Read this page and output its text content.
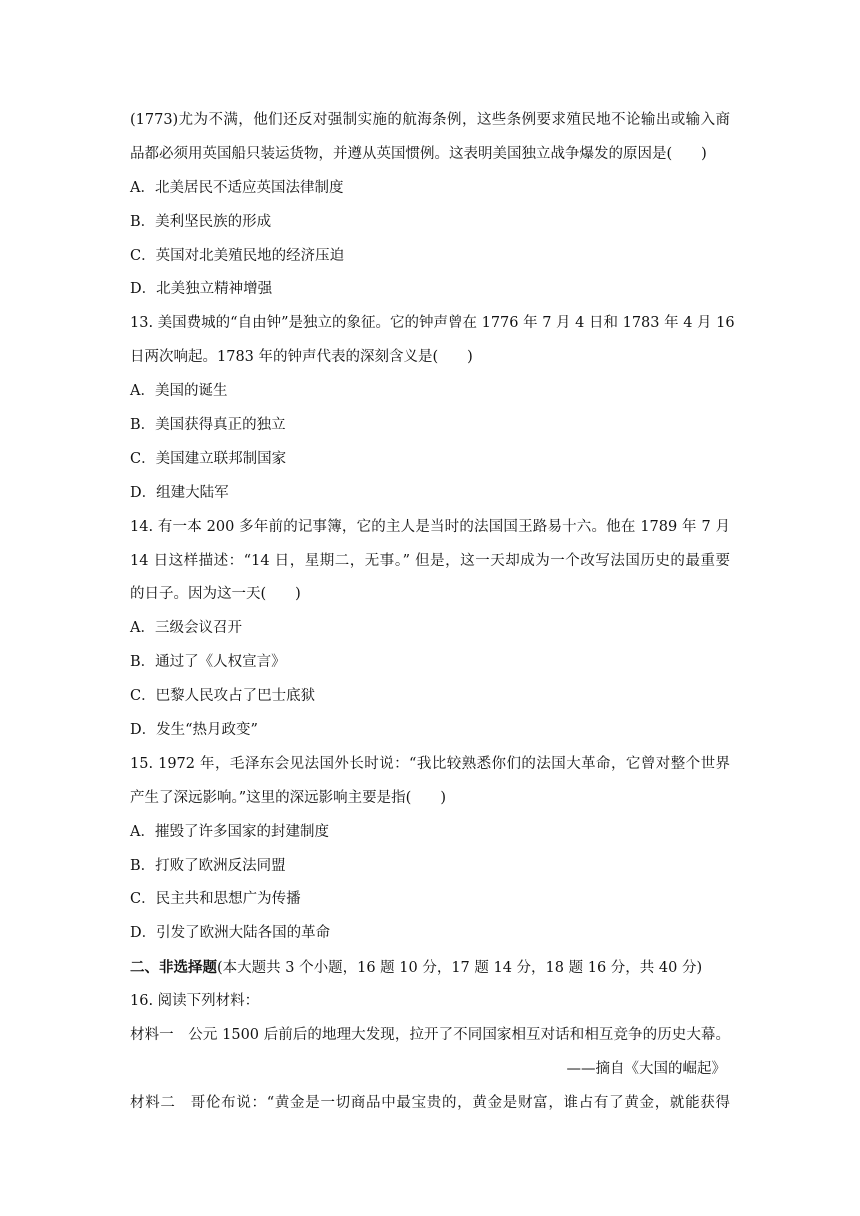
(1773)尤为不满，他们还反对强制实施的航海条例，这些条例要求殖民地不论输出或输入商
品都必须用英国船只装运货物，并遵从英国惯例。这表明美国独立战争爆发的原因是(　　)
A．北美居民不适应英国法律制度
B．美利坚民族的形成
C．英国对北美殖民地的经济压迫
D．北美独立精神增强
13. 美国费城的“自由钟”是独立的象征。它的钟声曾在 1776 年 7 月 4 日和 1783 年 4 月 16
日两次响起。1783 年的钟声代表的深刻含义是(　　)
A．美国的诞生
B．美国获得真正的独立
C．美国建立联邦制国家
D．组建大陆军
14. 有一本 200 多年前的记事簿，它的主人是当时的法国国王路易十六。他在 1789 年 7 月
14 日这样描述：“14 日，星期二，无事。” 但是，这一天却成为一个改写法国历史的最重要
的日子。因为这一天(　　)
A．三级会议召开
B．通过了《人权宣言》
C．巴黎人民攻占了巴士底狱
D．发生“热月政变”
15. 1972 年，毛泽东会见法国外长时说：“我比较熟悉你们的法国大革命，它曾对整个世界
产生了深远影响。”这里的深远影响主要是指(　　)
A．摧毁了许多国家的封建制度
B．打败了欧洲反法同盟
C．民主共和思想广为传播
D．引发了欧洲大陆各国的革命
二、非选择题(本大题共 3 个小题，16 题 10 分，17 题 14 分，18 题 16 分，共 40 分)
16. 阅读下列材料：
材料一　公元 1500 后前后的地理大发现，拉开了不同国家相互对话和相互竞争的历史大幕。
——摘自《大国的崛起》
材料二　哥伦布说：“黄金是一切商品中最宝贵的，黄金是财富，谁占有了黄金，就能获得
